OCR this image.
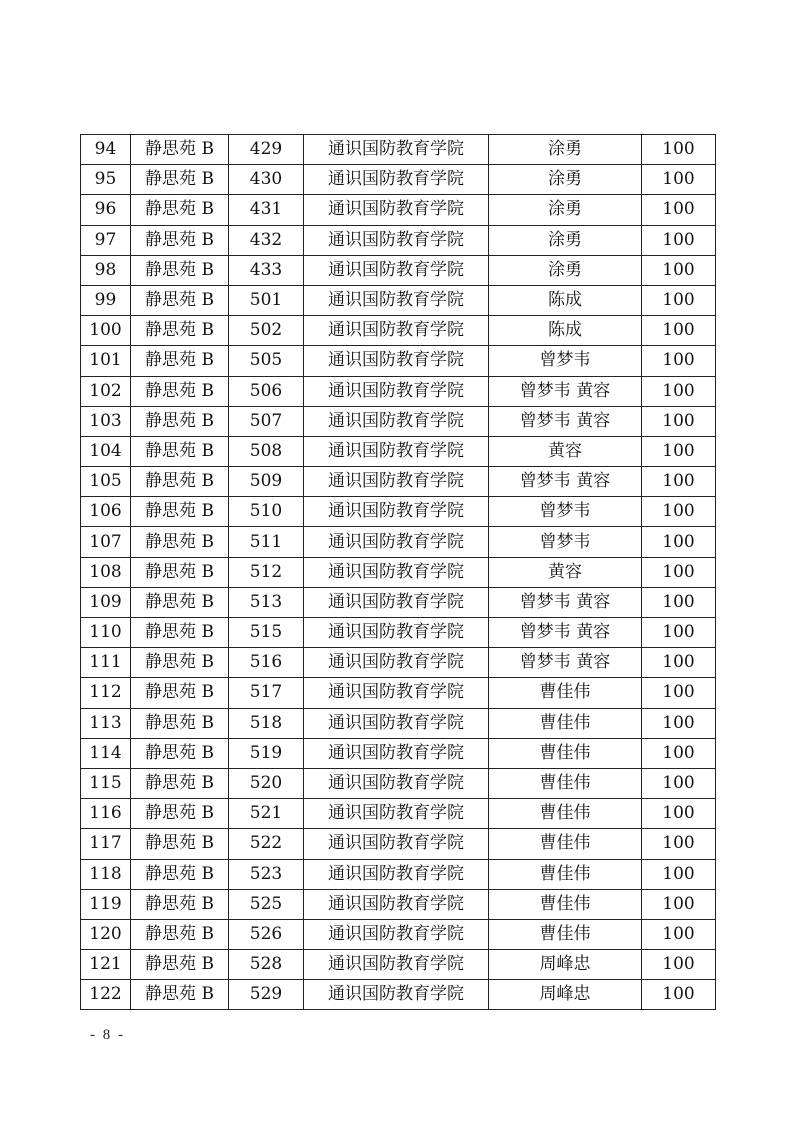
94	静思苑 B	429	通识国防教育学院	涂勇	100
95	静思苑 B	430	通识国防教育学院	涂勇	100
96	静思苑 B	431	通识国防教育学院	涂勇	100
97	静思苑 B	432	通识国防教育学院	涂勇	100
98	静思苑 B	433	通识国防教育学院	涂勇	100
99	静思苑 B	501	通识国防教育学院	陈成	100
100	静思苑 B	502	通识国防教育学院	陈成	100
101	静思苑 B	505	通识国防教育学院	曾梦韦	100
102	静思苑 B	506	通识国防教育学院	曾梦韦 黄容	100
103	静思苑 B	507	通识国防教育学院	曾梦韦 黄容	100
104	静思苑 B	508	通识国防教育学院	黄容	100
105	静思苑 B	509	通识国防教育学院	曾梦韦 黄容	100
106	静思苑 B	510	通识国防教育学院	曾梦韦	100
107	静思苑 B	511	通识国防教育学院	曾梦韦	100
108	静思苑 B	512	通识国防教育学院	黄容	100
109	静思苑 B	513	通识国防教育学院	曾梦韦 黄容	100
110	静思苑 B	515	通识国防教育学院	曾梦韦 黄容	100
111	静思苑 B	516	通识国防教育学院	曾梦韦 黄容	100
112	静思苑 B	517	通识国防教育学院	曹佳伟	100
113	静思苑 B	518	通识国防教育学院	曹佳伟	100
114	静思苑 B	519	通识国防教育学院	曹佳伟	100
115	静思苑 B	520	通识国防教育学院	曹佳伟	100
116	静思苑 B	521	通识国防教育学院	曹佳伟	100
117	静思苑 B	522	通识国防教育学院	曹佳伟	100
118	静思苑 B	523	通识国防教育学院	曹佳伟	100
119	静思苑 B	525	通识国防教育学院	曹佳伟	100
120	静思苑 B	526	通识国防教育学院	曹佳伟	100
121	静思苑 B	528	通识国防教育学院	周峰忠	100
122	静思苑 B	529	通识国防教育学院	周峰忠	100
- 8 -
